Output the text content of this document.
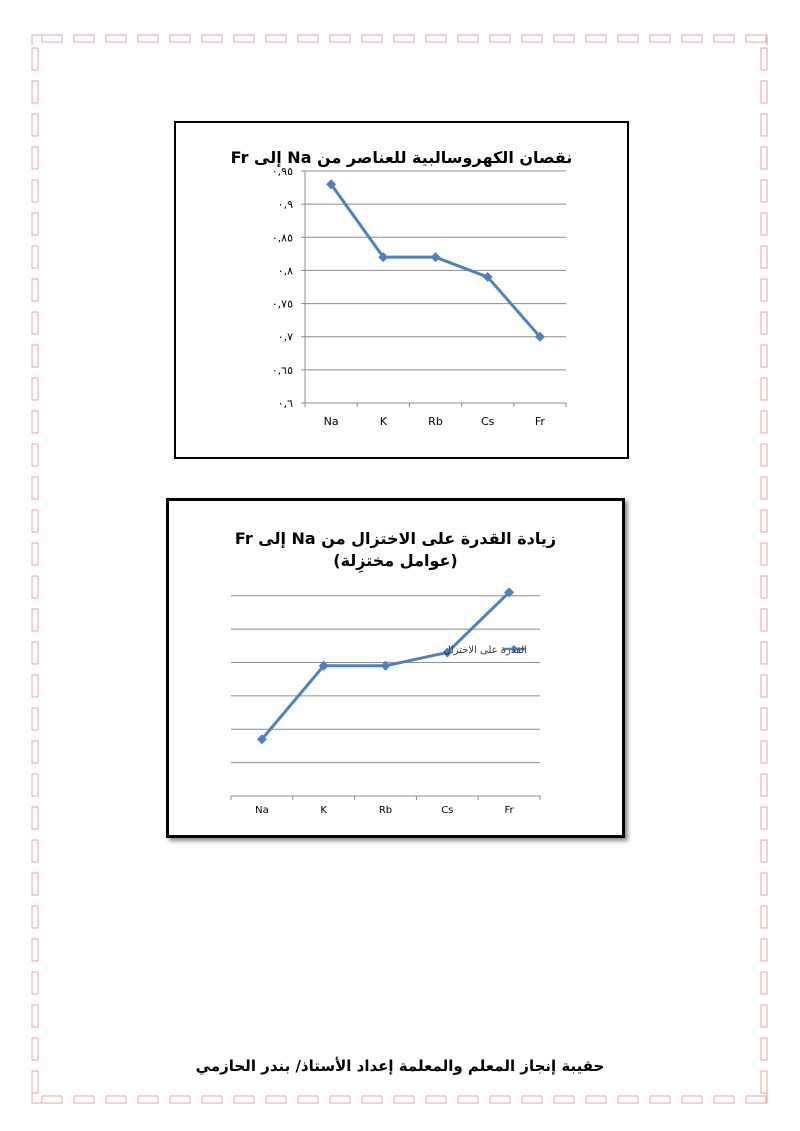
نقصان الكهروسالبية للعناصر من Na إلى Fr
٠,٦
٠,٦٥
٠,٧
٠,٧٥
٠,٨
٠,٨٥
٠,٩
٠,٩٥
Na	K	Rb	Cs	Fr
زيادة القدرة على الاختزال من Na إلى Fr
(عوامل مختزِلة)
Na	K	Rb	Cs	Fr
القدرة على الاختزال
حقيبة إنجاز المعلم والمعلمة إعداد الأستاذ/ بندر الحازمي
